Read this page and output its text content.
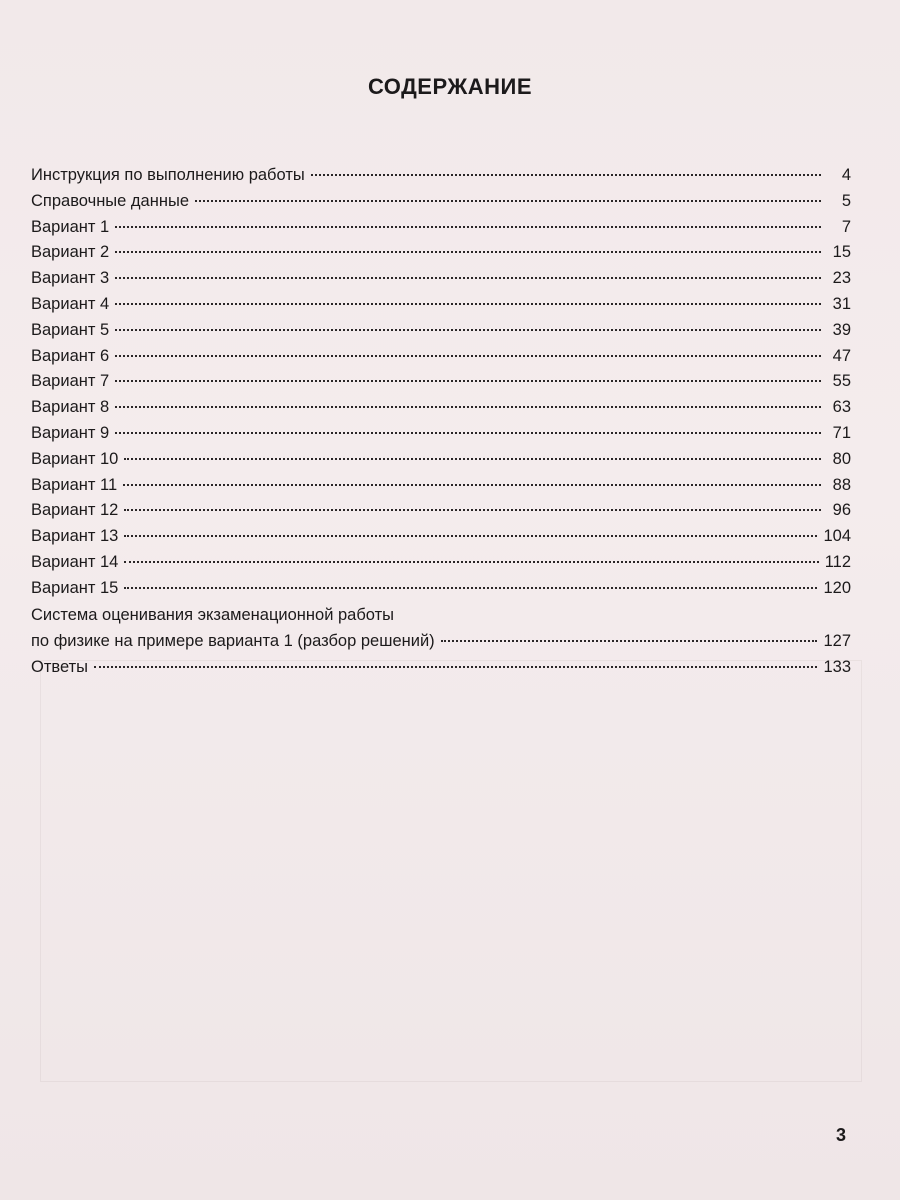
СОДЕРЖАНИЕ
Инструкция по выполнению работы	4
Справочные данные	5
Вариант 1	7
Вариант 2	15
Вариант 3	23
Вариант 4	31
Вариант 5	39
Вариант 6	47
Вариант 7	55
Вариант 8	63
Вариант 9	71
Вариант 10	80
Вариант 11	88
Вариант 12	96
Вариант 13	104
Вариант 14	112
Вариант 15	120
Система оценивания экзаменационной работы
по физике на примере варианта 1 (разбор решений)	127
Ответы	133
3
